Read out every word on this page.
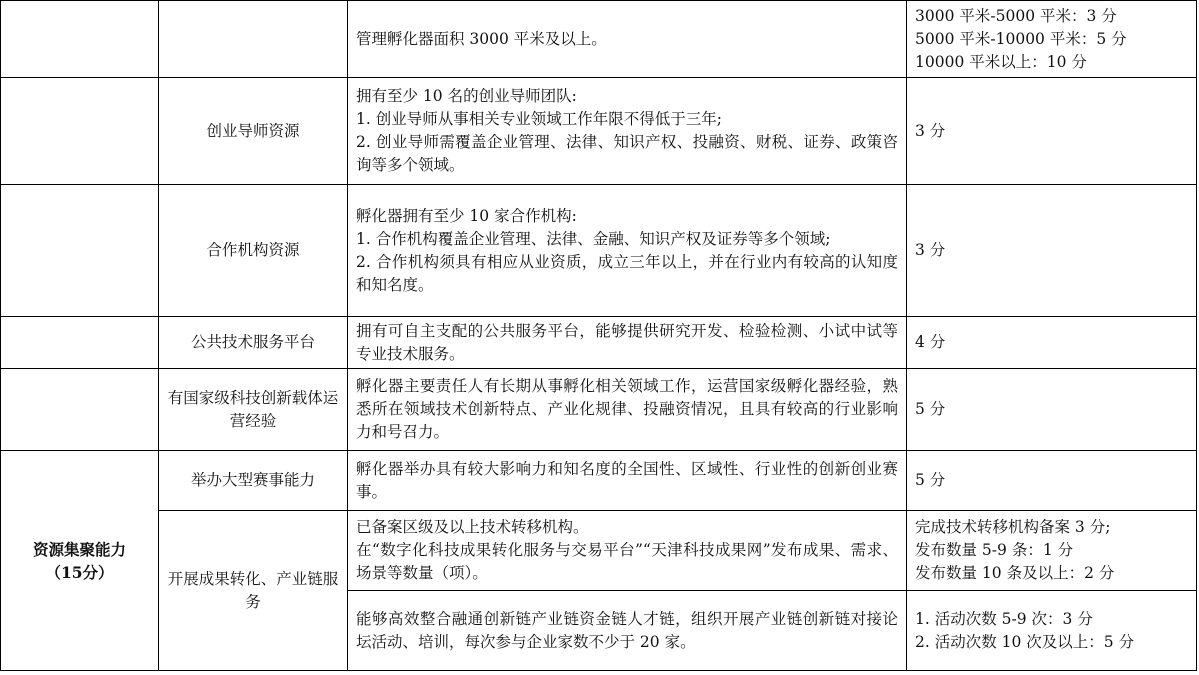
		管理孵化器面积 3000 平米及以上。	3000 平米-5000 平米：3 分
5000 平米-10000 平米：5 分
10000 平米以上：10 分

	创业导师资源	拥有至少 10 名的创业导师团队:
1. 创业导师从事相关专业领域工作年限不得低于三年;
2. 创业导师需覆盖企业管理、法律、知识产权、投融资、财税、证券、政策咨询等多个领域。	3 分

	合作机构资源	孵化器拥有至少 10 家合作机构:
1. 合作机构覆盖企业管理、法律、金融、知识产权及证券等多个领域;
2. 合作机构须具有相应从业资质，成立三年以上，并在行业内有较高的认知度和知名度。	3 分

	公共技术服务平台	拥有可自主支配的公共服务平台，能够提供研究开发、检验检测、小试中试等专业技术服务。	4 分

	有国家级科技创新载体运营经验	孵化器主要责任人有长期从事孵化相关领域工作，运营国家级孵化器经验，熟悉所在领域技术创新特点、产业化规律、投融资情况，且具有较高的行业影响力和号召力。	5 分

资源集聚能力
（15分）	举办大型赛事能力	孵化器举办具有较大影响力和知名度的全国性、区域性、行业性的创新创业赛事。	5 分

	开展成果转化、产业链服务	已备案区级及以上技术转移机构。
在“数字化科技成果转化服务与交易平台”“天津科技成果网”发布成果、需求、场景等数量（项）。	完成技术转移机构备案 3 分;
发布数量 5-9 条：1 分
发布数量 10 条及以上：2 分

		能够高效整合融通创新链产业链资金链人才链，组织开展产业链创新链对接论坛活动、培训，每次参与企业家数不少于 20 家。	1. 活动次数 5-9 次：3 分
2. 活动次数 10 次及以上：5 分
